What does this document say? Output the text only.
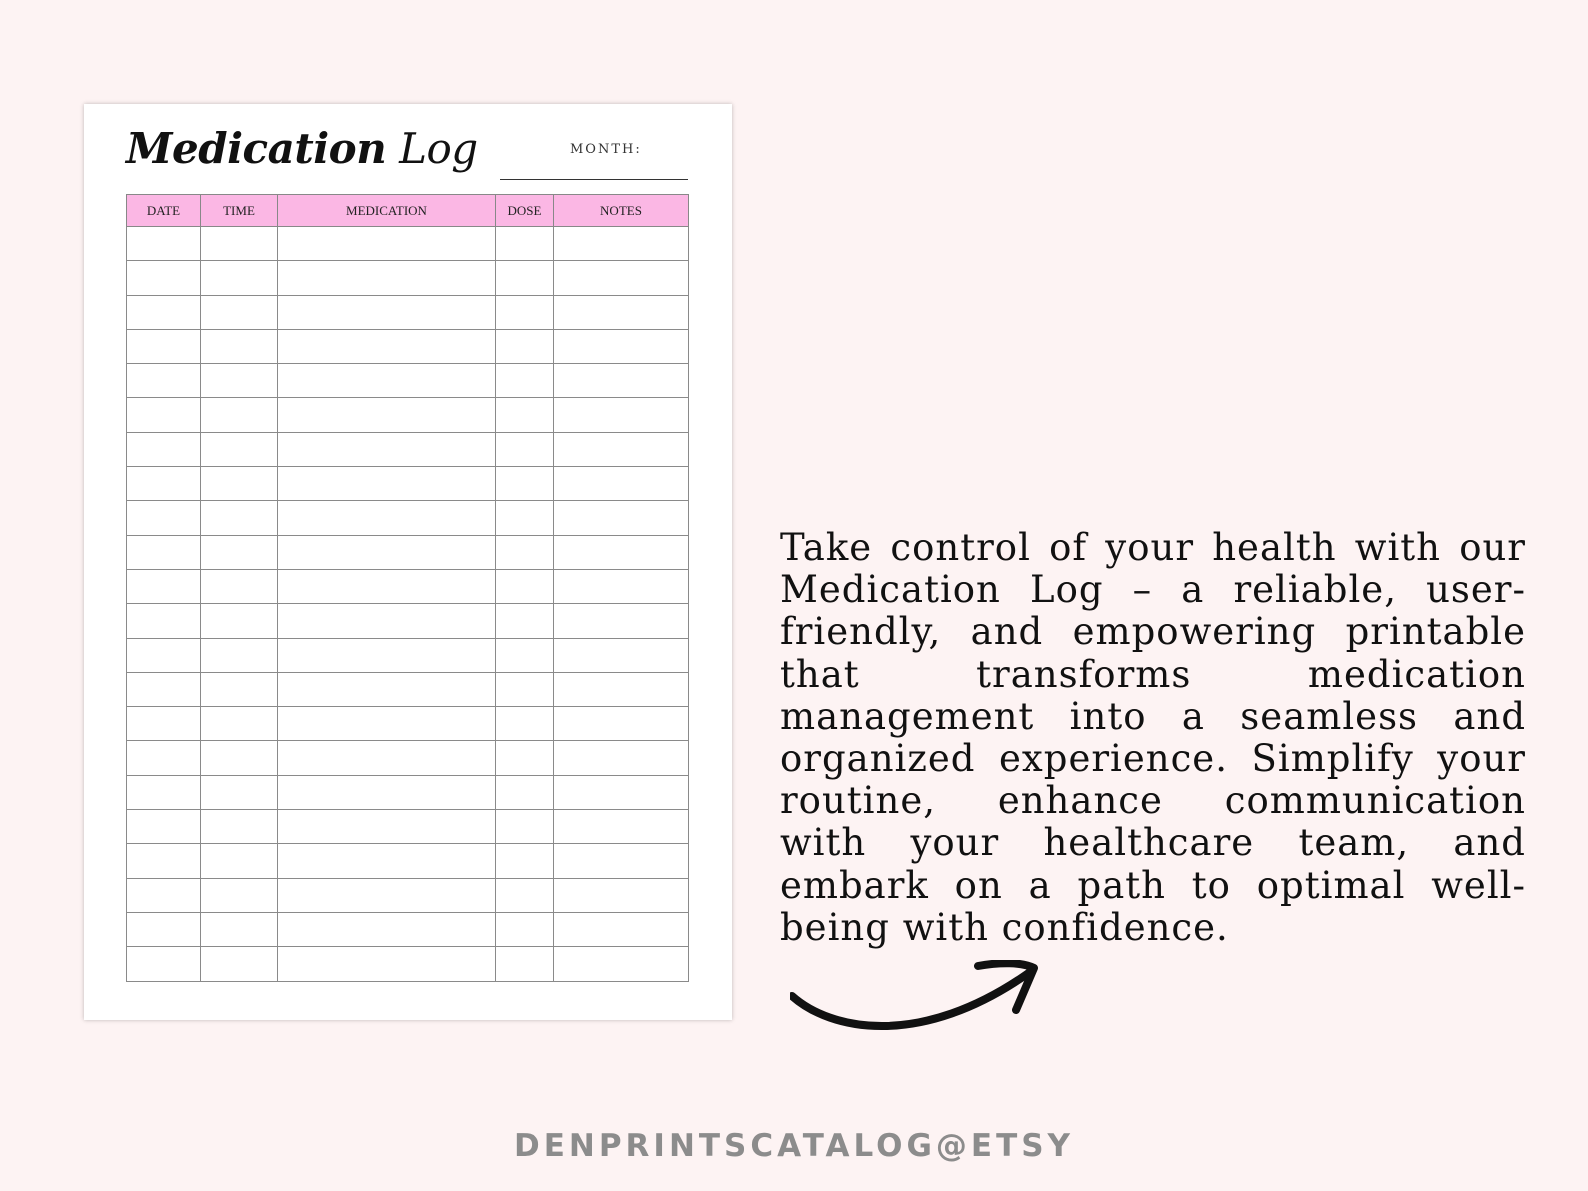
Medication Log	MONTH:
DATE	TIME	MEDICATION	DOSE	NOTES

Take control of your health with our Medication Log – a reliable, user-friendly, and empowering printable that transforms medication management into a seamless and organized experience. Simplify your routine, enhance communication with your healthcare team, and embark on a path to optimal well-being with confidence.

DENPRINTSCATALOG@ETSY
